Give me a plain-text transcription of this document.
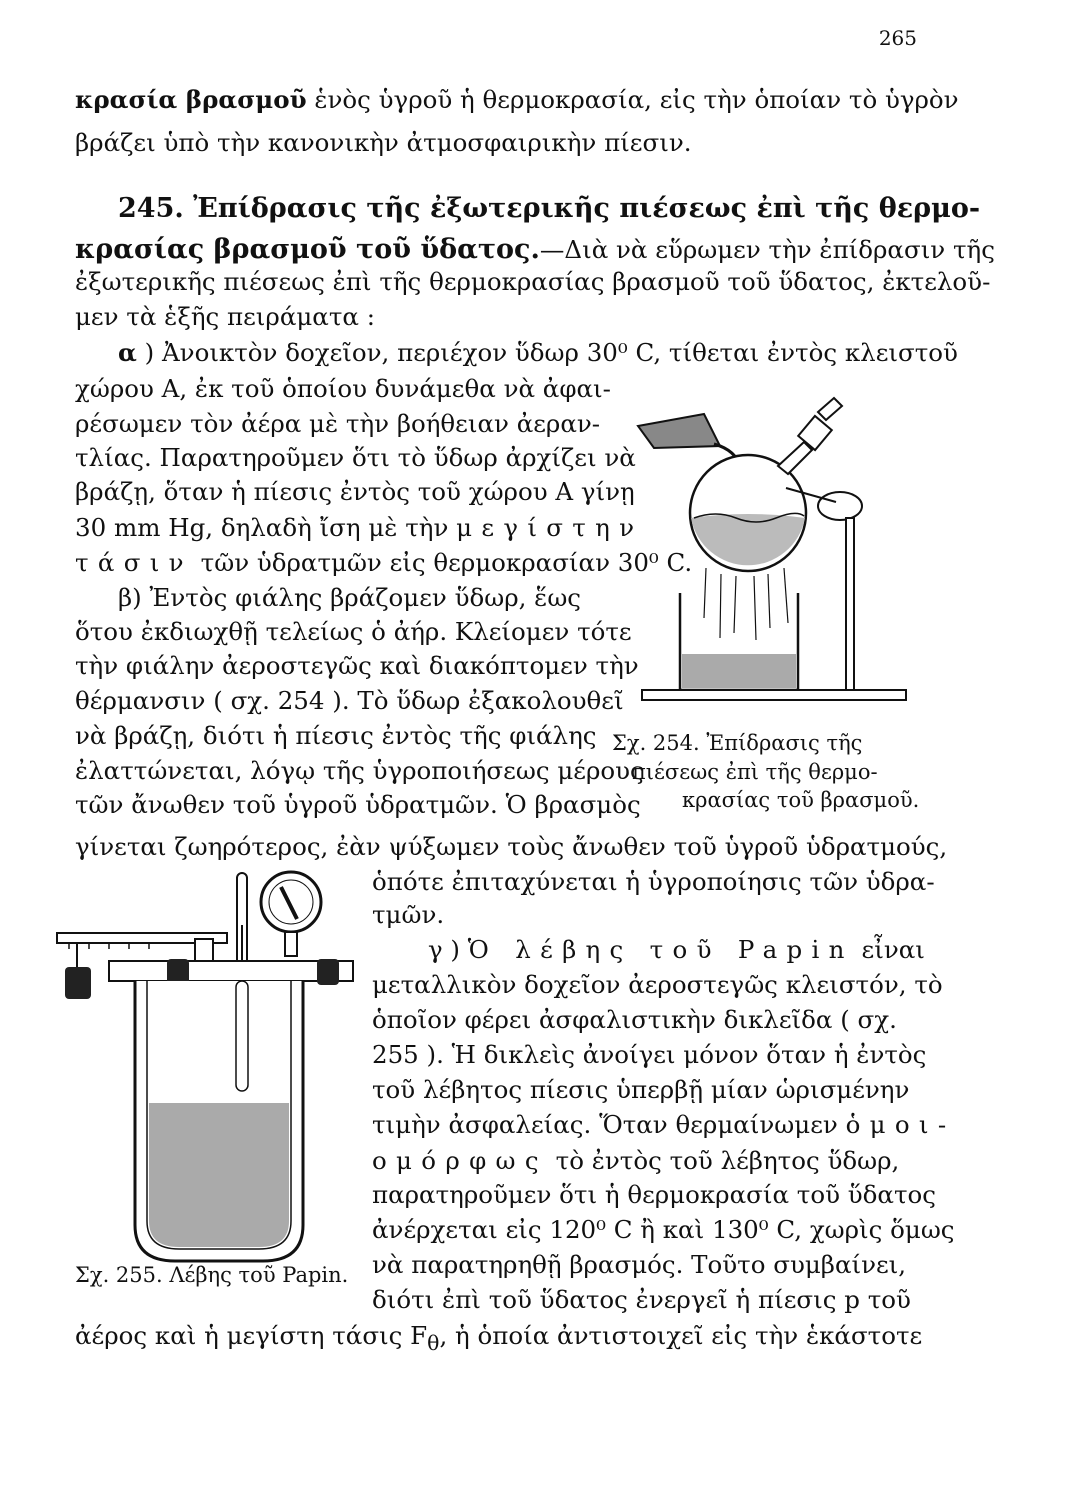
265
κρασία βρασμοῦ ἑνὸς ὑγροῦ ἡ θερμοκρασία, εἰς τὴν ὁποίαν τὸ ὑγρὸν
βράζει ὑπὸ τὴν κανονικὴν ἀτμοσφαιρικὴν πίεσιν.
245. Ἐπίδρασις τῆς ἐξωτερικῆς πιέσεως ἐπὶ τῆς θερμο-
κρασίας βρασμοῦ τοῦ ὕδατος.—Διὰ νὰ εὕρωμεν τὴν ἐπίδρασιν τῆς
ἐξωτερικῆς πιέσεως ἐπὶ τῆς θερμοκρασίας βρασμοῦ τοῦ ὕδατος, ἐκτελοῦ-
μεν τὰ ἑξῆς πειράματα :
α ) Ἀνοικτὸν δοχεῖον, περιέχον ὕδωρ 30⁰ C, τίθεται ἐντὸς κλειστοῦ
χώρου A, ἐκ τοῦ ὁποίου δυνάμεθα νὰ ἀφαι-
ρέσωμεν τὸν ἀέρα μὲ τὴν βοήθειαν ἀεραν-
τλίας. Παρατηροῦμεν ὅτι τὸ ὕδωρ ἀρχίζει νὰ
βράζῃ, ὅταν ἡ πίεσις ἐντὸς τοῦ χώρου A γίνῃ
30 mm Hg, δηλαδὴ ἴση μὲ τὴν μεγίστην
τάσιν τῶν ὑδρατμῶν εἰς θερμοκρασίαν 30⁰ C.
β) Ἐντὸς φιάλης βράζομεν ὕδωρ, ἕως
ὅτου ἐκδιωχθῇ τελείως ὁ ἀήρ. Κλείομεν τότε
τὴν φιάλην ἀεροστεγῶς καὶ διακόπτομεν τὴν
θέρμανσιν ( σχ. 254 ). Τὸ ὕδωρ ἐξακολουθεῖ
νὰ βράζῃ, διότι ἡ πίεσις ἐντὸς τῆς φιάλης
ἐλαττώνεται, λόγῳ τῆς ὑγροποιήσεως μέρους
τῶν ἄνωθεν τοῦ ὑγροῦ ὑδρατμῶν. Ὁ βρασμὸς
Σχ. 254. Ἐπίδρασις τῆς
πιέσεως ἐπὶ τῆς θερμο-
κρασίας τοῦ βρασμοῦ.
γίνεται ζωηρότερος, ἐὰν ψύξωμεν τοὺς ἄνωθεν τοῦ ὑγροῦ ὑδρατμούς,
ὁπότε ἐπιταχύνεται ἡ ὑγροποίησις τῶν ὑδρα-
τμῶν.
γ ) Ὁ λέβης τοῦ Papin εἶναι
μεταλλικὸν δοχεῖον ἀεροστεγῶς κλειστόν, τὸ
ὁποῖον φέρει ἀσφαλιστικὴν δικλεῖδα ( σχ.
255 ). Ἡ δικλεὶς ἀνοίγει μόνον ὅταν ἡ ἐντὸς
τοῦ λέβητος πίεσις ὑπερβῇ μίαν ὡρισμένην
τιμὴν ἀσφαλείας. Ὅταν θερμαίνωμεν ὁμοι-
ομόρφως τὸ ἐντὸς τοῦ λέβητος ὕδωρ,
παρατηροῦμεν ὅτι ἡ θερμοκρασία τοῦ ὕδατος
ἀνέρχεται εἰς 120⁰ C ἢ καὶ 130⁰ C, χωρὶς ὅμως
νὰ παρατηρηθῇ βρασμός. Τοῦτο συμβαίνει,
διότι ἐπὶ τοῦ ὕδατος ἐνεργεῖ ἡ πίεσις p τοῦ
Σχ. 255. Λέβης τοῦ Papin.
ἀέρος καὶ ἡ μεγίστη τάσις $F_\theta$, ἡ ὁποία ἀντιστοιχεῖ εἰς τὴν ἑκάστοτε
